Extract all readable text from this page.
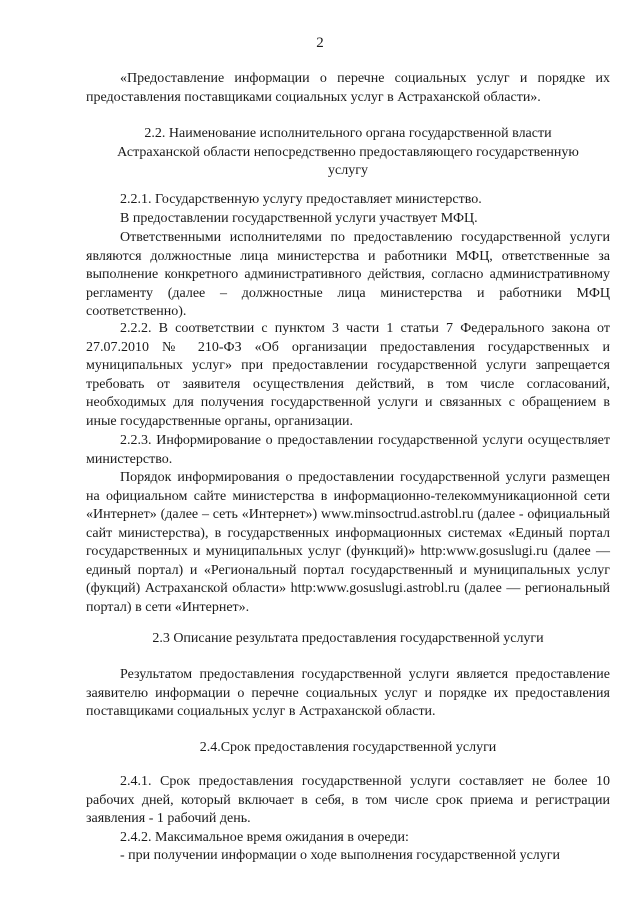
2
«Предоставление информации о перечне социальных услуг и порядке их предоставления поставщиками социальных услуг в Астраханской области».
2.2. Наименование исполнительного органа государственной власти
Астраханской области непосредственно предоставляющего государственную
услугу
2.2.1. Государственную услугу предоставляет министерство.
В предоставлении государственной услуги участвует МФЦ.
Ответственными исполнителями по предоставлению государственной услуги являются должностные лица министерства и работники МФЦ, ответственные за выполнение конкретного административного действия, согласно административному регламенту (далее – должностные лица министерства и работники МФЦ соответственно).
2.2.2. В соответствии с пунктом 3 части 1 статьи 7 Федерального закона от 27.07.2010 № 210-ФЗ «Об организации предоставления государственных и муниципальных услуг» при предоставлении государственной услуги запрещается требовать от заявителя осуществления действий, в том числе согласований, необходимых для получения государственной услуги и связанных с обращением в иные государственные органы, организации.
2.2.3. Информирование о предоставлении государственной услуги осуществляет министерство.
Порядок информирования о предоставлении государственной услуги размещен на официальном сайте министерства в информационно-телекоммуникационной сети «Интернет» (далее – сеть «Интернет») www.minsoctrud.astrobl.ru (далее - официальный сайт министерства), в государственных информационных системах «Единый портал государственных и муниципальных услуг (функций)» http:www.gosuslugi.ru (далее — единый портал) и «Региональный портал государственный и муниципальных услуг (фукций) Астраханской области» http:www.gosuslugi.astrobl.ru (далее — региональный портал) в сети «Интернет».
2.3 Описание результата предоставления государственной услуги
Результатом предоставления государственной услуги является предоставление заявителю информации о перечне социальных услуг и порядке их предоставления поставщиками социальных услуг в Астраханской области.
2.4.Срок предоставления государственной услуги
2.4.1. Срок предоставления государственной услуги составляет не более 10 рабочих дней, который включает в себя, в том числе срок приема и регистрации заявления - 1 рабочий день.
2.4.2. Максимальное время ожидания в очереди:
- при получении информации о ходе выполнения государственной услуги
